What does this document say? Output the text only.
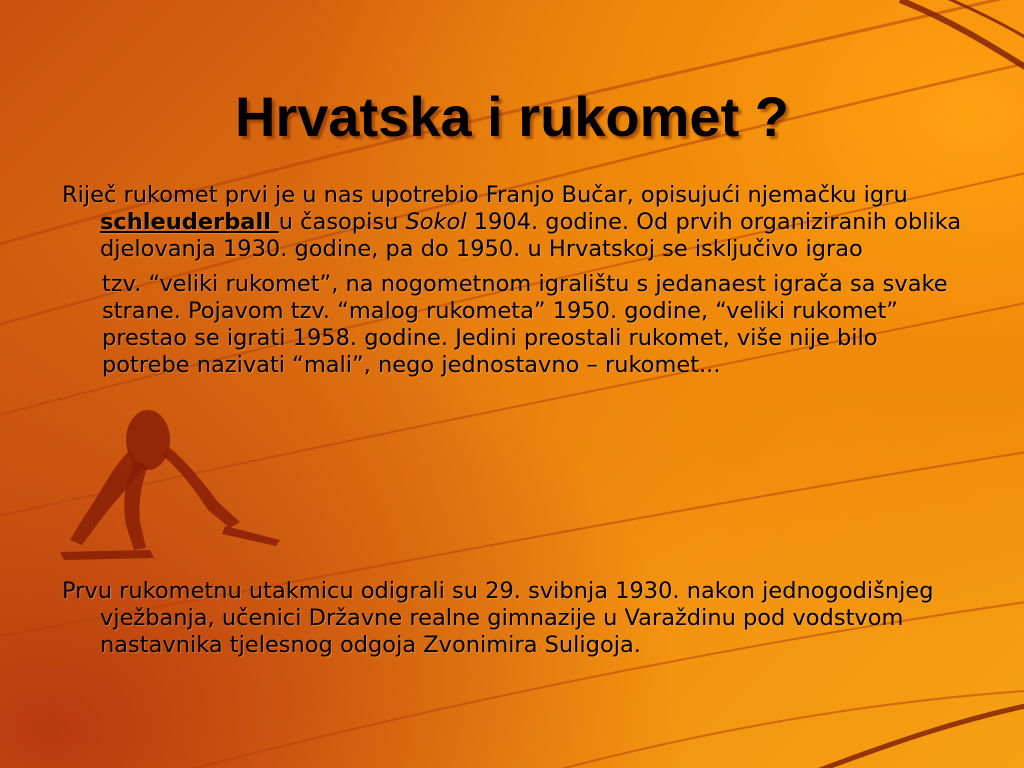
Hrvatska i rukomet ?

Riječ rukomet prvi je u nas upotrebio Franjo Bučar, opisujući njemačku igru schleuderball u časopisu Sokol 1904. godine. Od prvih organiziranih oblika djelovanja 1930. godine, pa do 1950. u Hrvatskoj se isključivo igrao

tzv. “veliki rukomet”, na nogometnom igralištu s jedanaest igrača sa svake strane. Pojavom tzv. “malog rukometa” 1950. godine, “veliki rukomet” prestao se igrati 1958. godine. Jedini preostali rukomet, više nije bilo potrebe nazivati “mali”, nego jednostavno – rukomet...

Prvu rukometnu utakmicu odigrali su 29. svibnja 1930. nakon jednogodišnjeg vježbanja, učenici Državne realne gimnazije u Varaždinu pod vodstvom nastavnika tjelesnog odgoja Zvonimira Suligoja.
